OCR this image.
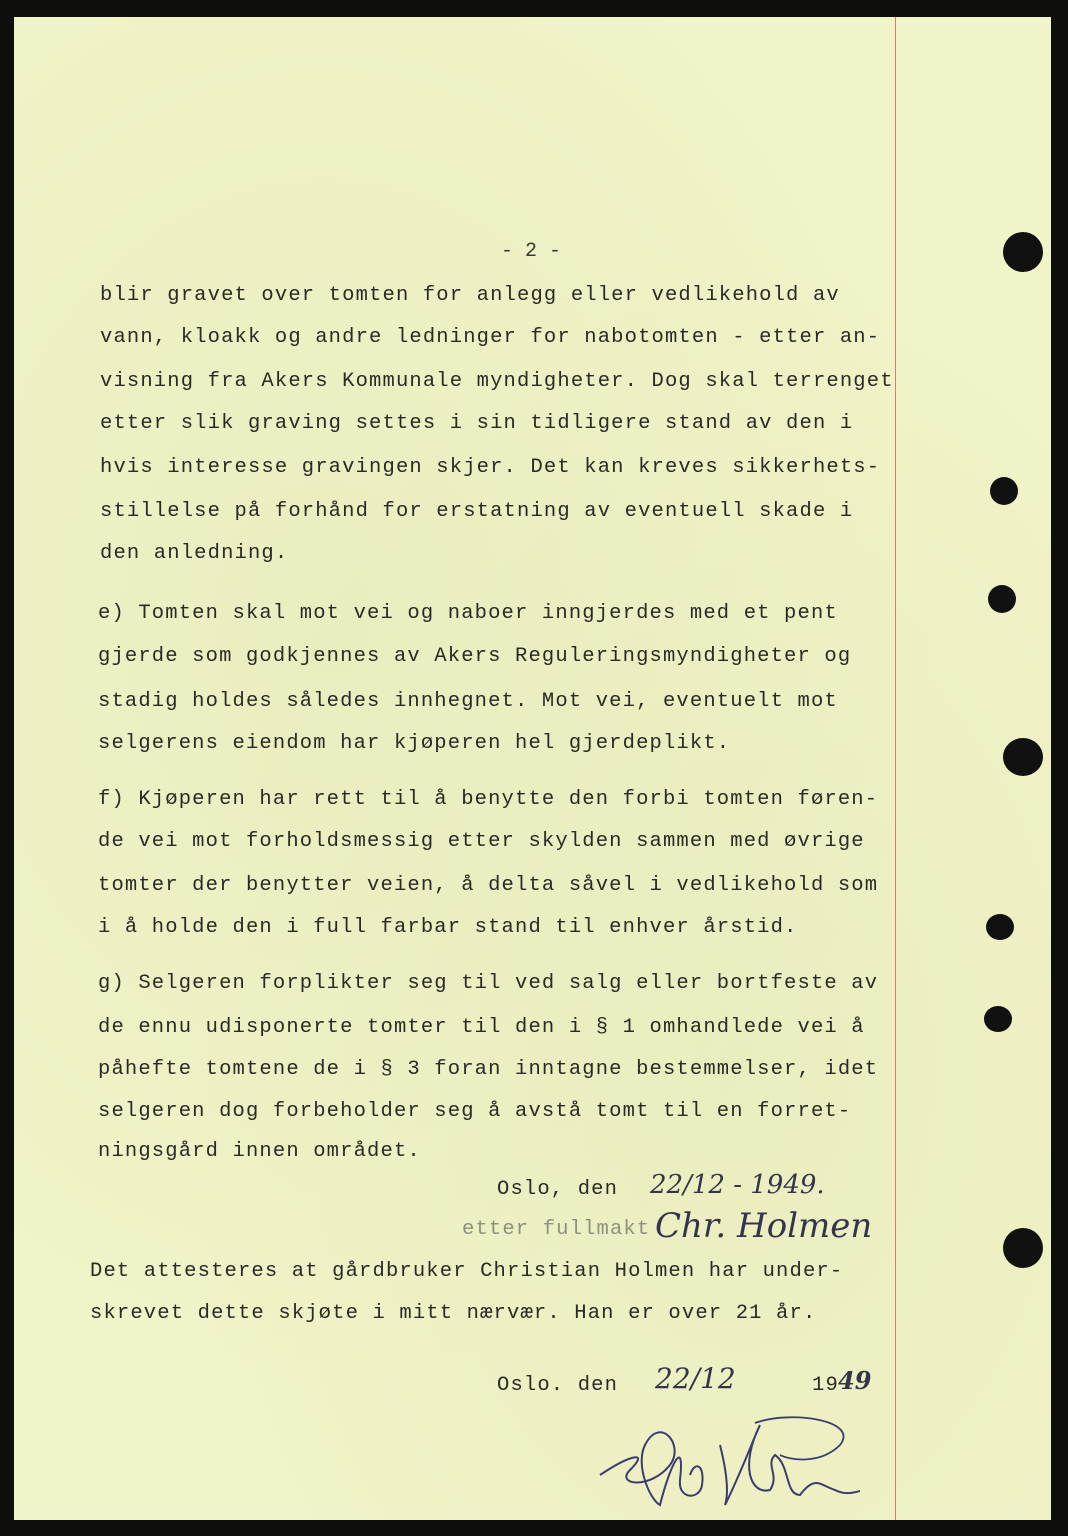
- 2 -
blir gravet over tomten for anlegg eller vedlikehold av
vann, kloakk og andre ledninger for nabotomten - etter an-
visning fra Akers Kommunale myndigheter. Dog skal terrenget
etter slik graving settes i sin tidligere stand av den i
hvis interesse gravingen skjer. Det kan kreves sikkerhets-
stillelse på forhånd for erstatning av eventuell skade i
den anledning.
e) Tomten skal mot vei og naboer inngjerdes med et pent
gjerde som godkjennes av Akers Reguleringsmyndigheter og
stadig holdes således innhegnet. Mot vei, eventuelt mot
selgerens eiendom har kjøperen hel gjerdeplikt.
f) Kjøperen har rett til å benytte den forbi tomten føren-
de vei mot forholdsmessig etter skylden sammen med øvrige
tomter der benytter veien, å delta såvel i vedlikehold som
i å holde den i full farbar stand til enhver årstid.
g) Selgeren forplikter seg til ved salg eller bortfeste av
de ennu udisponerte tomter til den i § 1 omhandlede vei å
påhefte tomtene de i § 3 foran inntagne bestemmelser, idet
selgeren dog forbeholder seg å avstå tomt til en forret-
ningsgård innen området.
Oslo, den 22/12 - 1949.
etter fullmakt Chr. Holmen
Det attesteres at gårdbruker Christian Holmen har under-
skrevet dette skjøte i mitt nærvær. Han er over 21 år.
Oslo. den 22/12	19 49
